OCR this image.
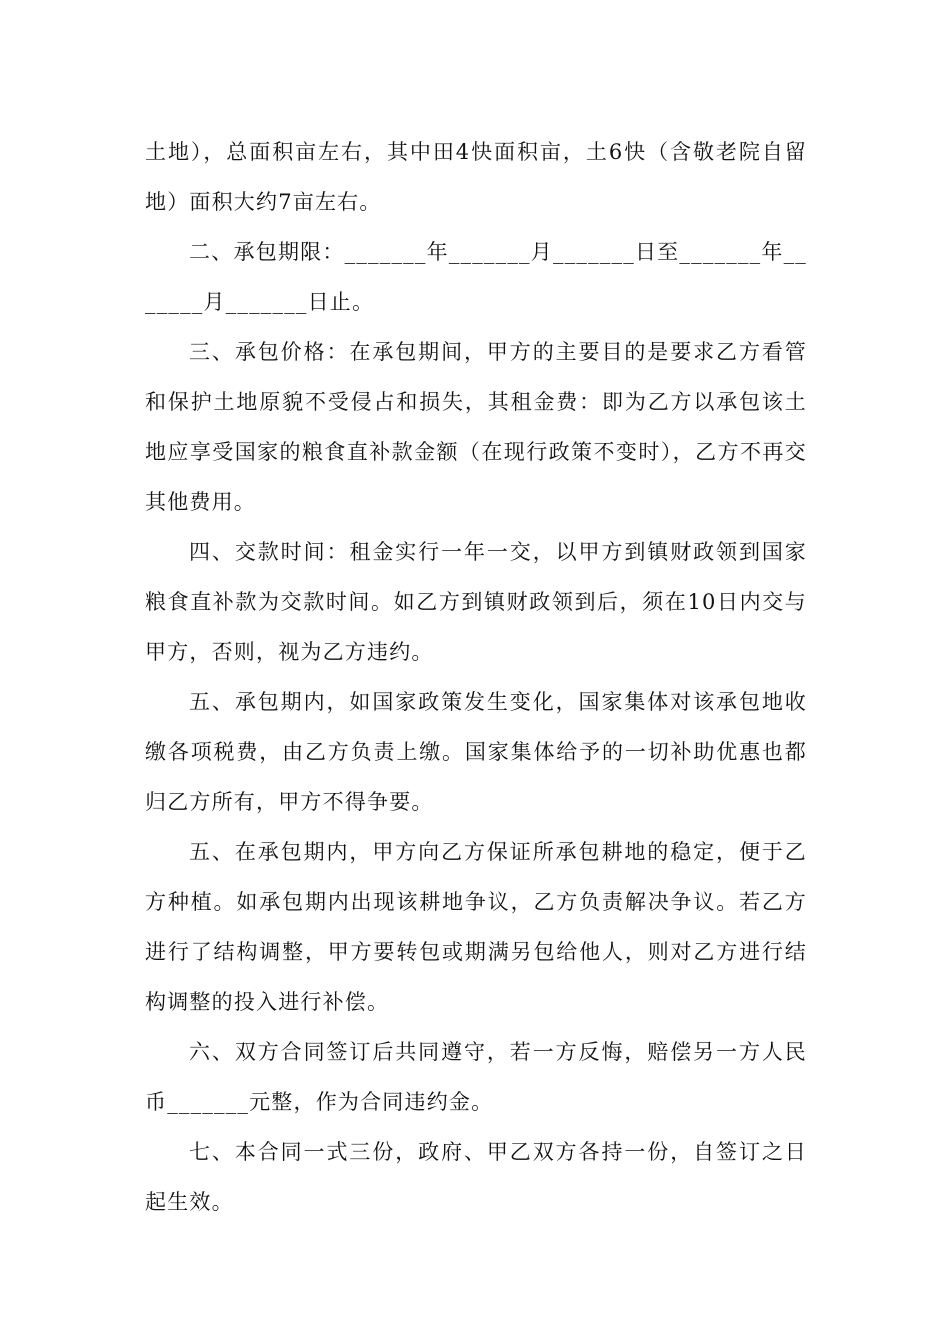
土地），总面积亩左右，其中田4快面积亩，土6快（含敬老院自留地）面积大约7亩左右。

二、承包期限：_______年_______月_______日至_______年_______月_______日止。

三、承包价格：在承包期间，甲方的主要目的是要求乙方看管和保护土地原貌不受侵占和损失，其租金费：即为乙方以承包该土地应享受国家的粮食直补款金额（在现行政策不变时），乙方不再交其他费用。

四、交款时间：租金实行一年一交，以甲方到镇财政领到国家粮食直补款为交款时间。如乙方到镇财政领到后，须在10日内交与甲方，否则，视为乙方违约。

五、承包期内，如国家政策发生变化，国家集体对该承包地收缴各项税费，由乙方负责上缴。国家集体给予的一切补助优惠也都归乙方所有，甲方不得争要。

五、在承包期内，甲方向乙方保证所承包耕地的稳定，便于乙方种植。如承包期内出现该耕地争议，乙方负责解决争议。若乙方进行了结构调整，甲方要转包或期满另包给他人，则对乙方进行结构调整的投入进行补偿。

六、双方合同签订后共同遵守，若一方反悔，赔偿另一方人民币_______元整，作为合同违约金。

七、本合同一式三份，政府、甲乙双方各持一份，自签订之日起生效。
